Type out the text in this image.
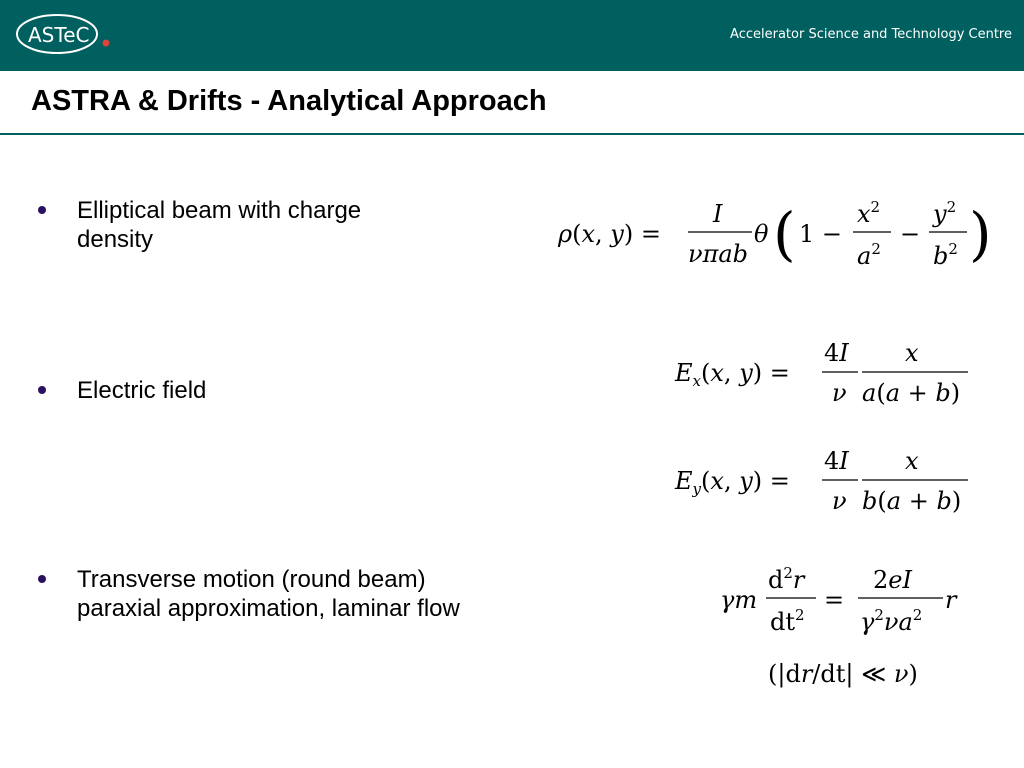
ASTeC	Accelerator Science and Technology Centre
ASTRA & Drifts - Analytical Approach
Elliptical beam with charge density
Electric field
Transverse motion (round beam) paraxial approximation, laminar flow
ρ(x, y) =
I
νπab
θ ( 1 −
$x^2$
$a^2$
−
$y^2$
$b^2$ )
$E_x(x$, y) =
4I
ν
x
a(a + b)
$E_y(x$, y) =
4I
ν
x
b(a + b)
γm
$d^2r$
$dt^2$
=
2eI
$\gamma^2\nu a^2$
r
(|dr/dt| ≪ ν)
